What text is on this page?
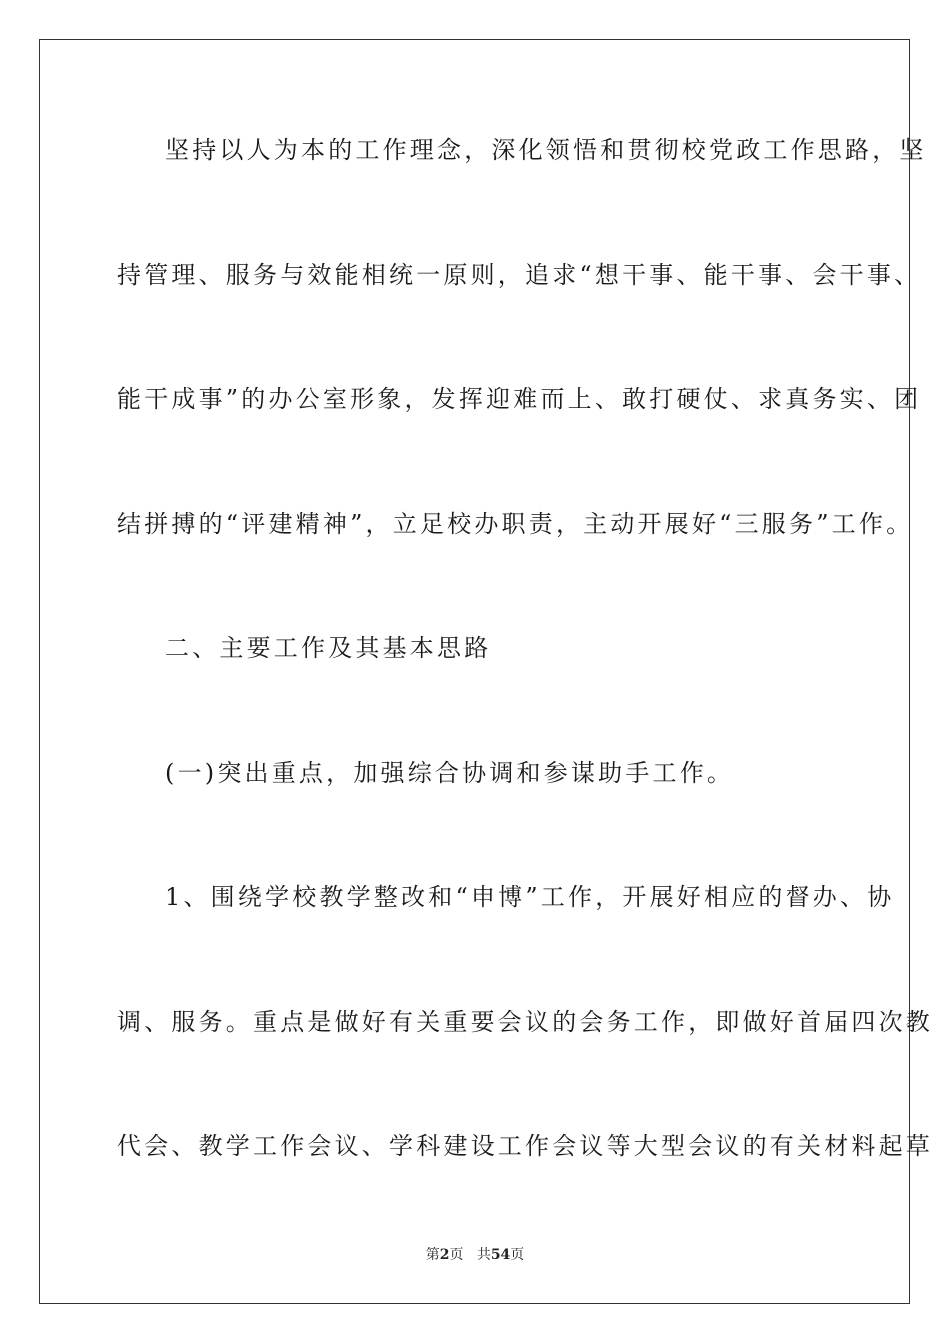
坚持以人为本的工作理念，深化领悟和贯彻校党政工作思路，坚
持管理、服务与效能相统一原则，追求“想干事、能干事、会干事、
能干成事”的办公室形象，发挥迎难而上、敢打硬仗、求真务实、团
结拼搏的“评建精神”，立足校办职责，主动开展好“三服务”工作。
二、主要工作及其基本思路
(一)突出重点，加强综合协调和参谋助手工作。
1、围绕学校教学整改和“申博”工作，开展好相应的督办、协
调、服务。重点是做好有关重要会议的会务工作，即做好首届四次教
代会、教学工作会议、学科建设工作会议等大型会议的有关材料起草
第2页 共54页
